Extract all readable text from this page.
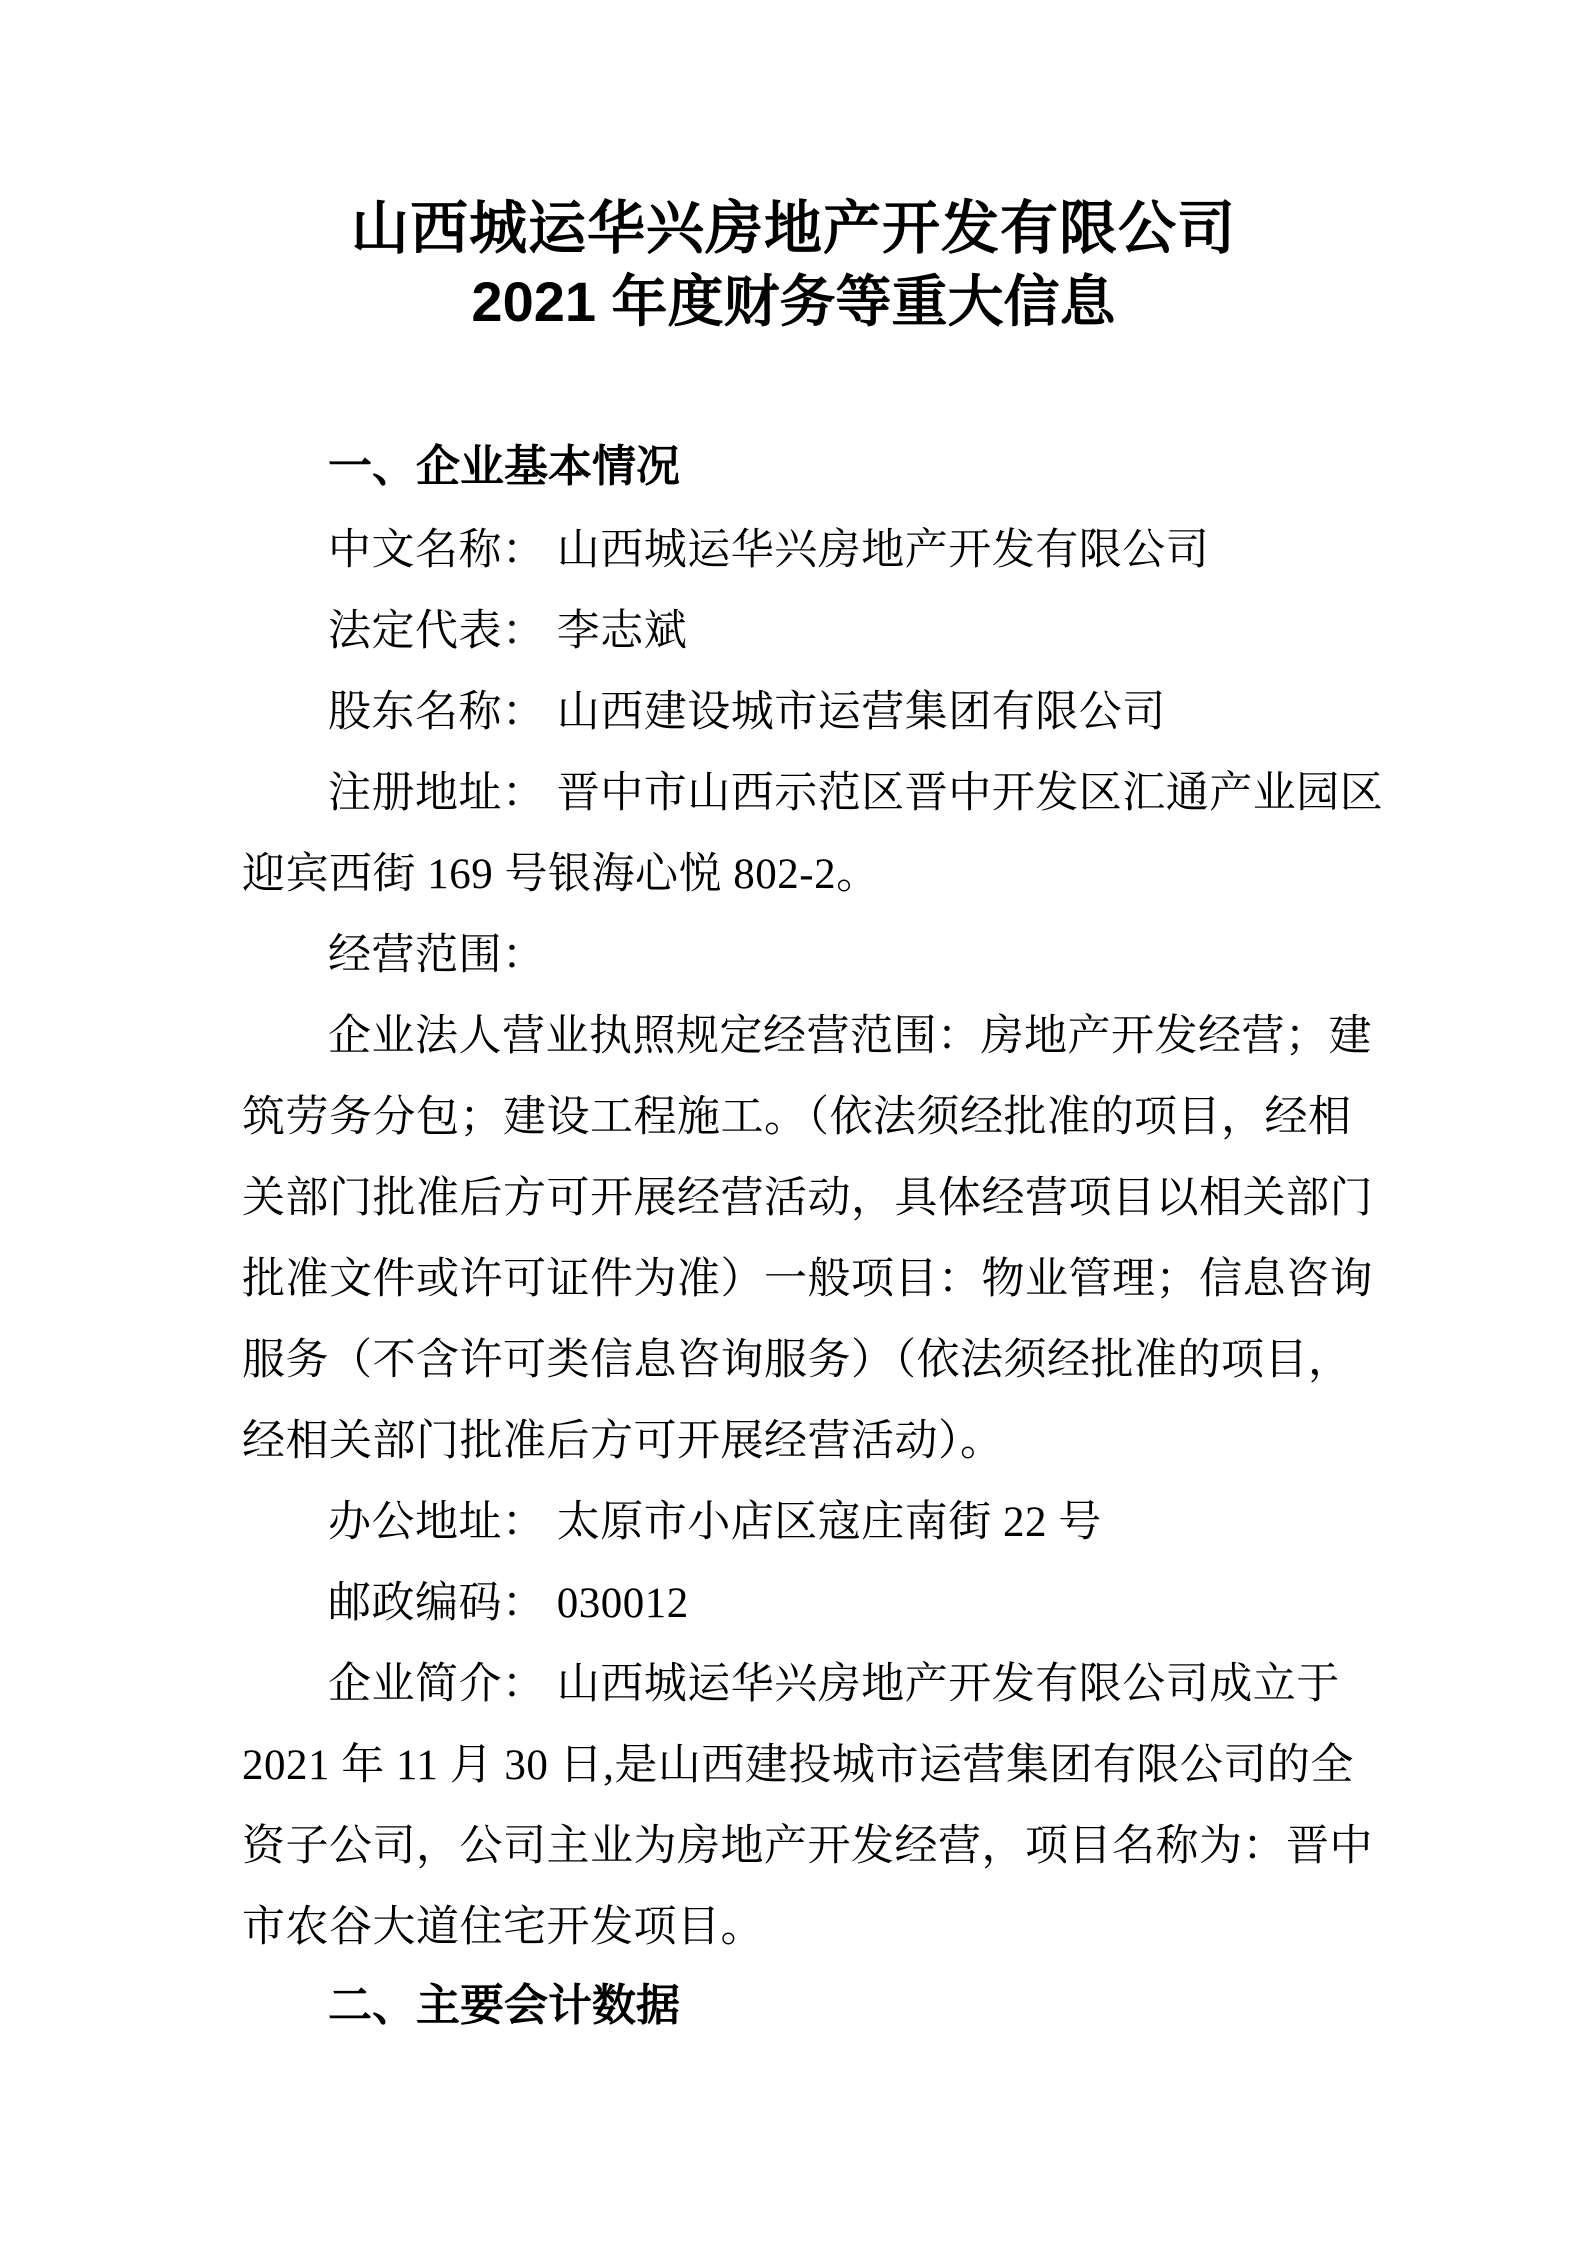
山西城运华兴房地产开发有限公司
2021 年度财务等重大信息
一、企业基本情况
中文名称： 山西城运华兴房地产开发有限公司
法定代表： 李志斌
股东名称： 山西建设城市运营集团有限公司
注册地址： 晋中市山西示范区晋中开发区汇通产业园区
迎宾西街 169 号银海心悦 802-2。
经营范围：
企业法人营业执照规定经营范围：房地产开发经营；建
筑劳务分包；建设工程施工。（依法须经批准的项目，经相
关部门批准后方可开展经营活动，具体经营项目以相关部门
批准文件或许可证件为准）一般项目：物业管理；信息咨询
服务（不含许可类信息咨询服务）（依法须经批准的项目，
经相关部门批准后方可开展经营活动）。
办公地址： 太原市小店区寇庄南街 22 号
邮政编码： 030012
企业简介： 山西城运华兴房地产开发有限公司成立于
2021 年 11 月 30 日,是山西建投城市运营集团有限公司的全
资子公司，公司主业为房地产开发经营，项目名称为：晋中
市农谷大道住宅开发项目。
二、主要会计数据
